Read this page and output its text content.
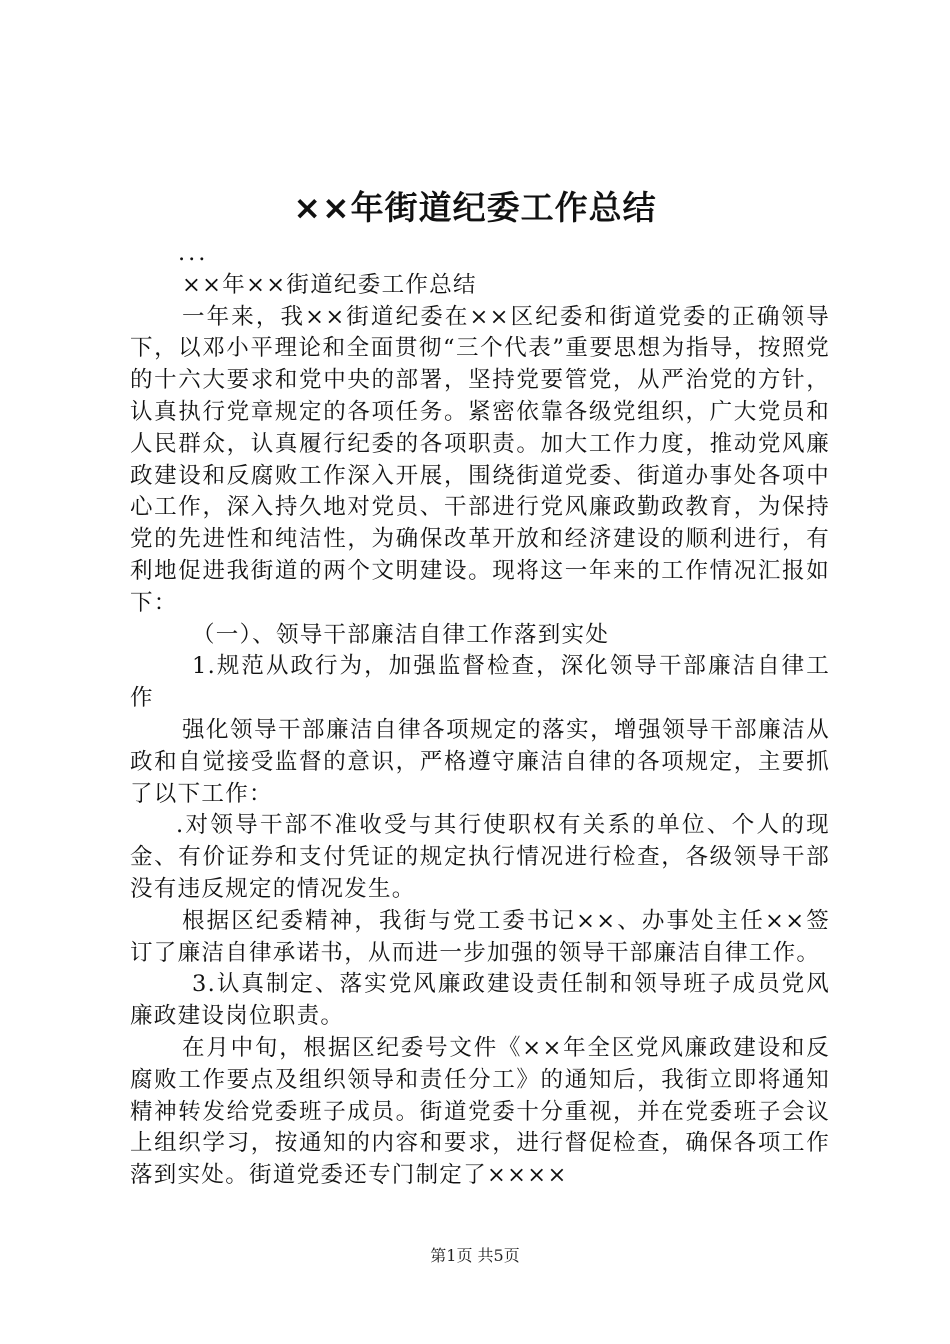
××年街道纪委工作总结

...

××年××街道纪委工作总结

一年来，我××街道纪委在××区纪委和街道党委的正确领导下，以邓小平理论和全面贯彻“三个代表”重要思想为指导，按照党的十六大要求和党中央的部署，坚持党要管党，从严治党的方针，认真执行党章规定的各项任务。紧密依靠各级党组织，广大党员和人民群众，认真履行纪委的各项职责。加大工作力度，推动党风廉政建设和反腐败工作深入开展，围绕街道党委、街道办事处各项中心工作，深入持久地对党员、干部进行党风廉政勤政教育，为保持党的先进性和纯洁性，为确保改革开放和经济建设的顺利进行，有利地促进我街道的两个文明建设。现将这一年来的工作情况汇报如下：

（一）、领导干部廉洁自律工作落到实处

1.规范从政行为，加强监督检查，深化领导干部廉洁自律工作

强化领导干部廉洁自律各项规定的落实，增强领导干部廉洁从政和自觉接受监督的意识，严格遵守廉洁自律的各项规定，主要抓了以下工作：

.对领导干部不准收受与其行使职权有关系的单位、个人的现金、有价证券和支付凭证的规定执行情况进行检查，各级领导干部没有违反规定的情况发生。

根据区纪委精神，我街与党工委书记××、办事处主任××签订了廉洁自律承诺书，从而进一步加强的领导干部廉洁自律工作。

3.认真制定、落实党风廉政建设责任制和领导班子成员党风廉政建设岗位职责。

在月中旬，根据区纪委号文件《××年全区党风廉政建设和反腐败工作要点及组织领导和责任分工》的通知后，我街立即将通知精神转发给党委班子成员。街道党委十分重视，并在党委班子会议上组织学习，按通知的内容和要求，进行督促检查，确保各项工作落到实处。街道党委还专门制定了××××

第1页 共5页
